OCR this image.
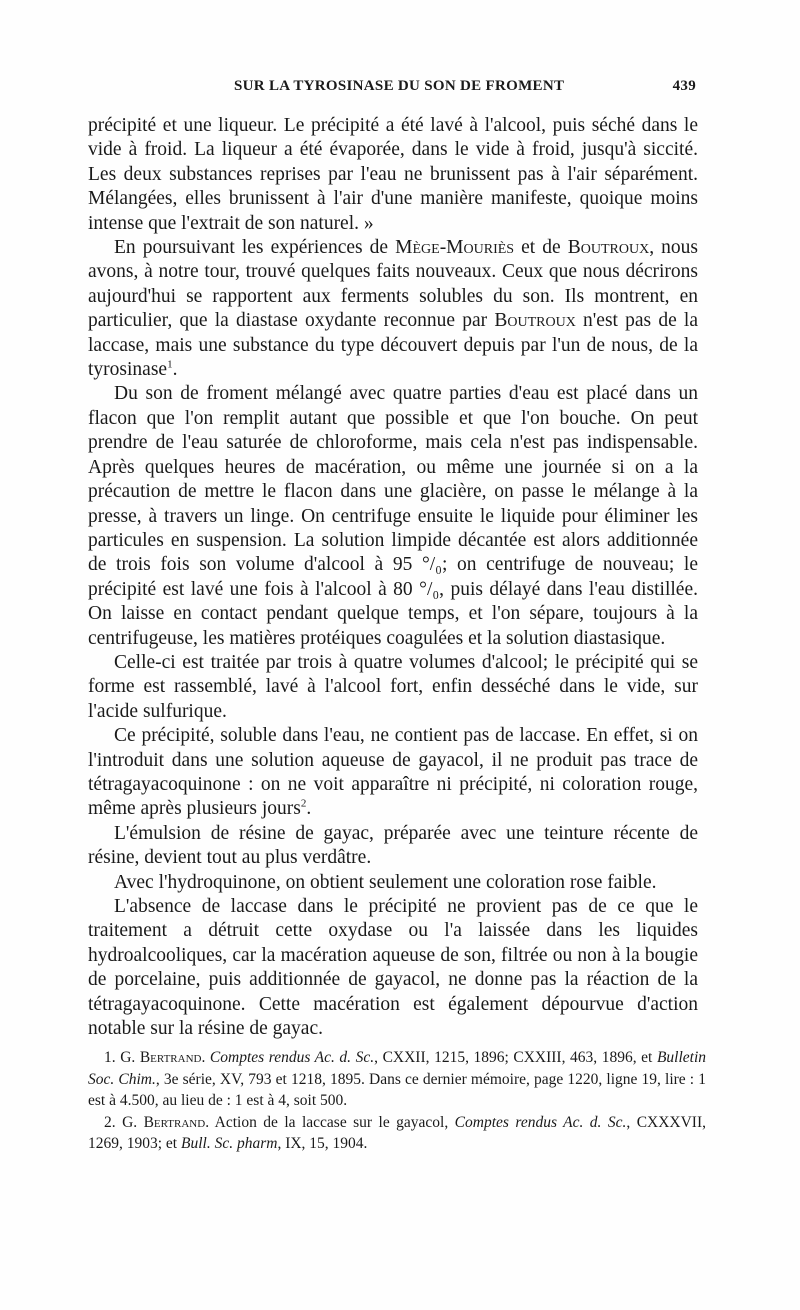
SUR LA TYROSINASE DU SON DE FROMENT	439

précipité et une liqueur. Le précipité a été lavé à l'alcool, puis séché dans le vide à froid. La liqueur a été évaporée, dans le vide à froid, jusqu'à siccité. Les deux substances reprises par l'eau ne brunissent pas à l'air séparément. Mélangées, elles brunissent à l'air d'une manière manifeste, quoique moins intense que l'extrait de son naturel. »

En poursuivant les expériences de Mège-Mouriès et de Boutroux, nous avons, à notre tour, trouvé quelques faits nouveaux. Ceux que nous décrirons aujourd'hui se rapportent aux ferments solubles du son. Ils montrent, en particulier, que la diastase oxydante reconnue par Boutroux n'est pas de la laccase, mais une substance du type découvert depuis par l'un de nous, de la tyrosinase$^1$.

Du son de froment mélangé avec quatre parties d'eau est placé dans un flacon que l'on remplit autant que possible et que l'on bouche. On peut prendre de l'eau saturée de chloroforme, mais cela n'est pas indispensable. Après quelques heures de macération, ou même une journée si on a la précaution de mettre le flacon dans une glacière, on passe le mélange à la presse, à travers un linge. On centrifuge ensuite le liquide pour éliminer les particules en suspension. La solution limpide décantée est alors additionnée de trois fois son volume d'alcool à 95 °/₀; on centrifuge de nouveau; le précipité est lavé une fois à l'alcool à 80 °/₀, puis délayé dans l'eau distillée. On laisse en contact pendant quelque temps, et l'on sépare, toujours à la centrifugeuse, les matières protéiques coagulées et la solution diastasique.

Celle-ci est traitée par trois à quatre volumes d'alcool; le précipité qui se forme est rassemblé, lavé à l'alcool fort, enfin desséché dans le vide, sur l'acide sulfurique.

Ce précipité, soluble dans l'eau, ne contient pas de laccase. En effet, si on l'introduit dans une solution aqueuse de gayacol, il ne produit pas trace de tétragayacoquinone : on ne voit apparaître ni précipité, ni coloration rouge, même après plusieurs jours$^2$.

L'émulsion de résine de gayac, préparée avec une teinture récente de résine, devient tout au plus verdâtre.

Avec l'hydroquinone, on obtient seulement une coloration rose faible.

L'absence de laccase dans le précipité ne provient pas de ce que le traitement a détruit cette oxydase ou l'a laissée dans les liquides hydroalcooliques, car la macération aqueuse de son, filtrée ou non à la bougie de porcelaine, puis additionnée de gayacol, ne donne pas la réaction de la tétragayacoquinone. Cette macération est également dépourvue d'action notable sur la résine de gayac.

1. G. Bertrand. Comptes rendus Ac. d. Sc., CXXII, 1215, 1896; CXXIII, 463, 1896, et Bulletin Soc. Chim., 3e série, XV, 793 et 1218, 1895. Dans ce dernier mémoire, page 1220, ligne 19, lire : 1 est à 4.500, au lieu de : 1 est à 4, soit 500.

2. G. Bertrand. Action de la laccase sur le gayacol, Comptes rendus Ac. d. Sc., CXXXVII, 1269, 1903; et Bull. Sc. pharm, IX, 15, 1904.
